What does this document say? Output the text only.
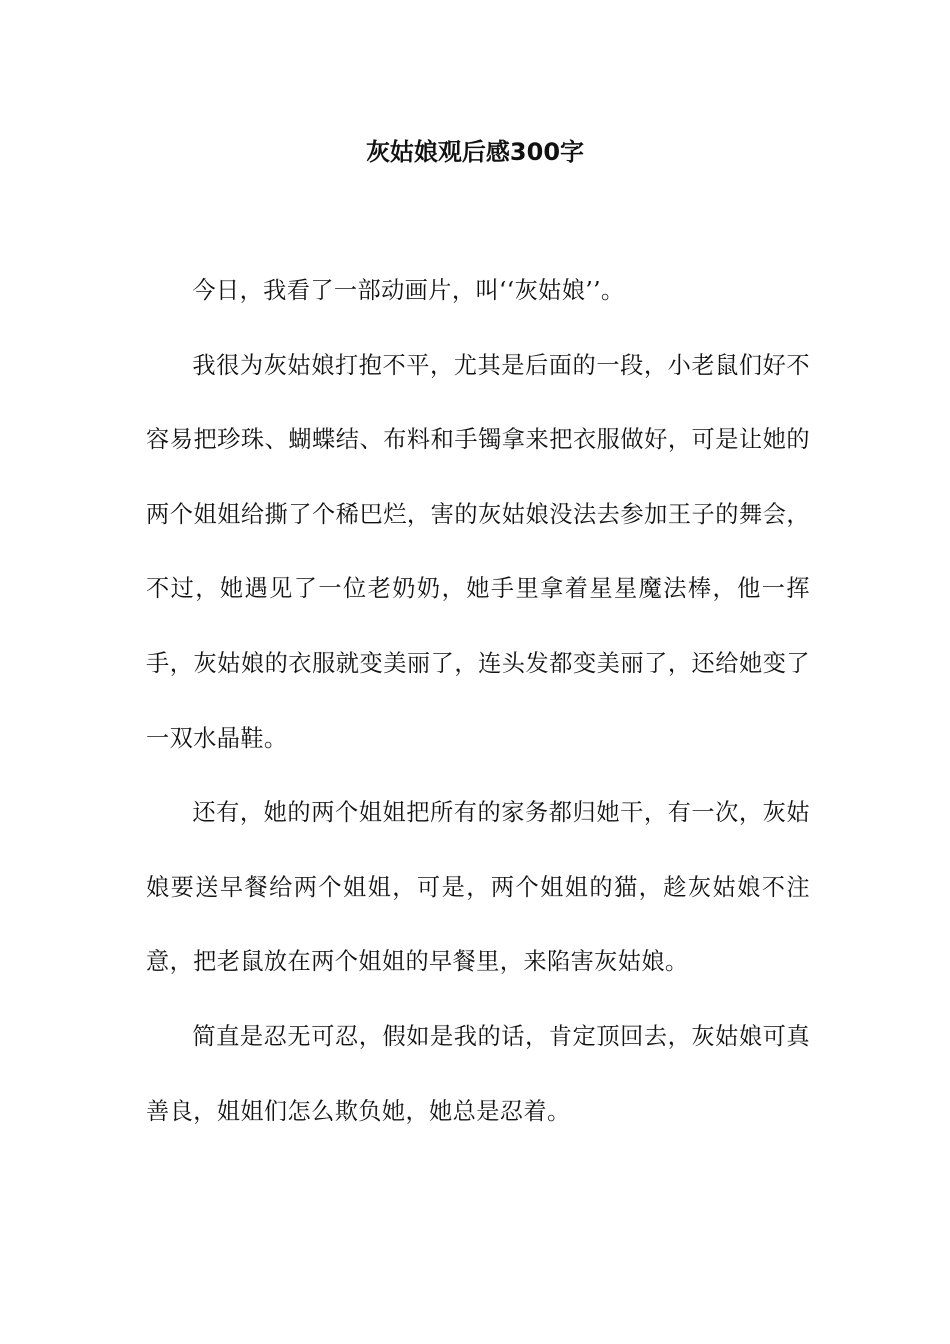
灰姑娘观后感300字

今日，我看了一部动画片，叫‘‘灰姑娘’’。

我很为灰姑娘打抱不平，尤其是后面的一段，小老鼠们好不容易把珍珠、蝴蝶结、布料和手镯拿来把衣服做好，可是让她的两个姐姐给撕了个稀巴烂，害的灰姑娘没法去参加王子的舞会，不过，她遇见了一位老奶奶，她手里拿着星星魔法棒，他一挥手，灰姑娘的衣服就变美丽了，连头发都变美丽了，还给她变了一双水晶鞋。

还有，她的两个姐姐把所有的家务都归她干，有一次，灰姑娘要送早餐给两个姐姐，可是，两个姐姐的猫，趁灰姑娘不注意，把老鼠放在两个姐姐的早餐里，来陷害灰姑娘。

简直是忍无可忍，假如是我的话，肯定顶回去，灰姑娘可真善良，姐姐们怎么欺负她，她总是忍着。
